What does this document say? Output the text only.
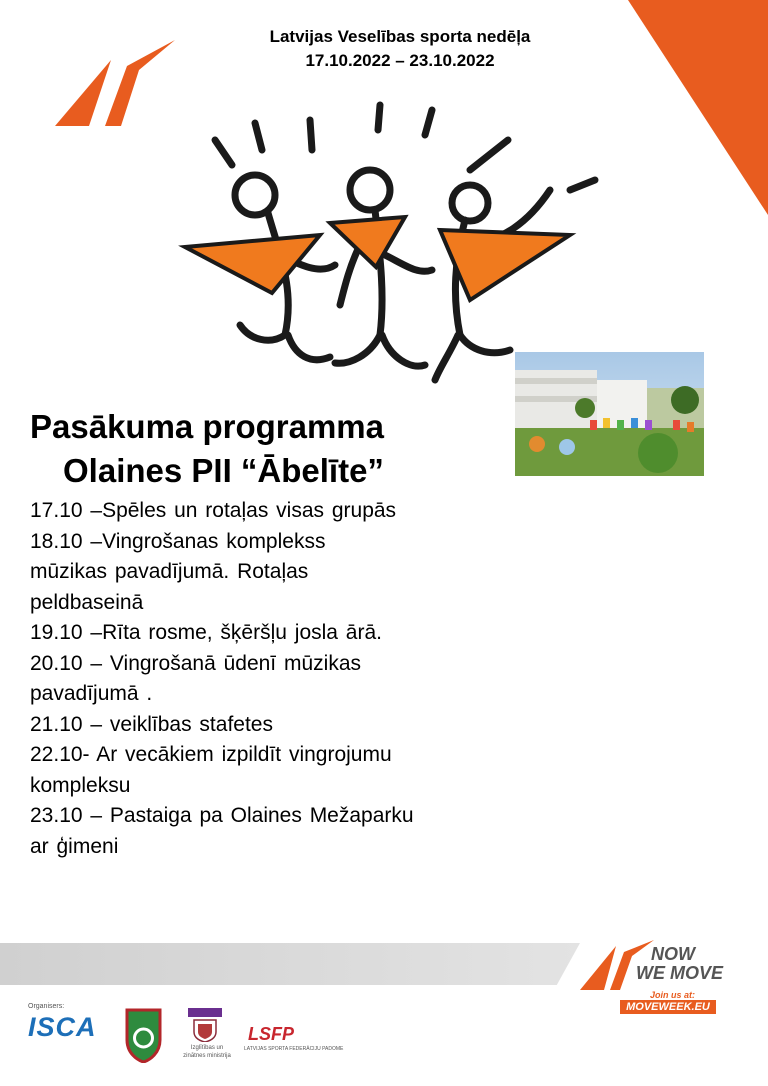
Latvijas Veselības sporta nedēļa
17.10.2022 – 23.10.2022
Pasākuma programma
Olaines PII “Ābelīte”
17.10 –Spēles un rotaļas visas grupās
18.10 –Vingrošanas komplekss
mūzikas pavadījumā. Rotaļas
peldbaseinā
19.10 –Rīta rosme, šķēršļu josla ārā.
20.10 – Vingrošanā ūdenī mūzikas
pavadījumā .
21.10 – veiklības stafetes
22.10- Ar vecākiem izpildīt vingrojumu
kompleksu
23.10 – Pastaiga pa Olaines Mežaparku
ar ģimeni
NOW
WE MOVE
Join us at:
MOVEWEEK.EU
Organisers:
ISCA
Izglītības un zinātnes ministrija
LSFP
LATVIJAS SPORTA FEDERĀCIJU PADOME
